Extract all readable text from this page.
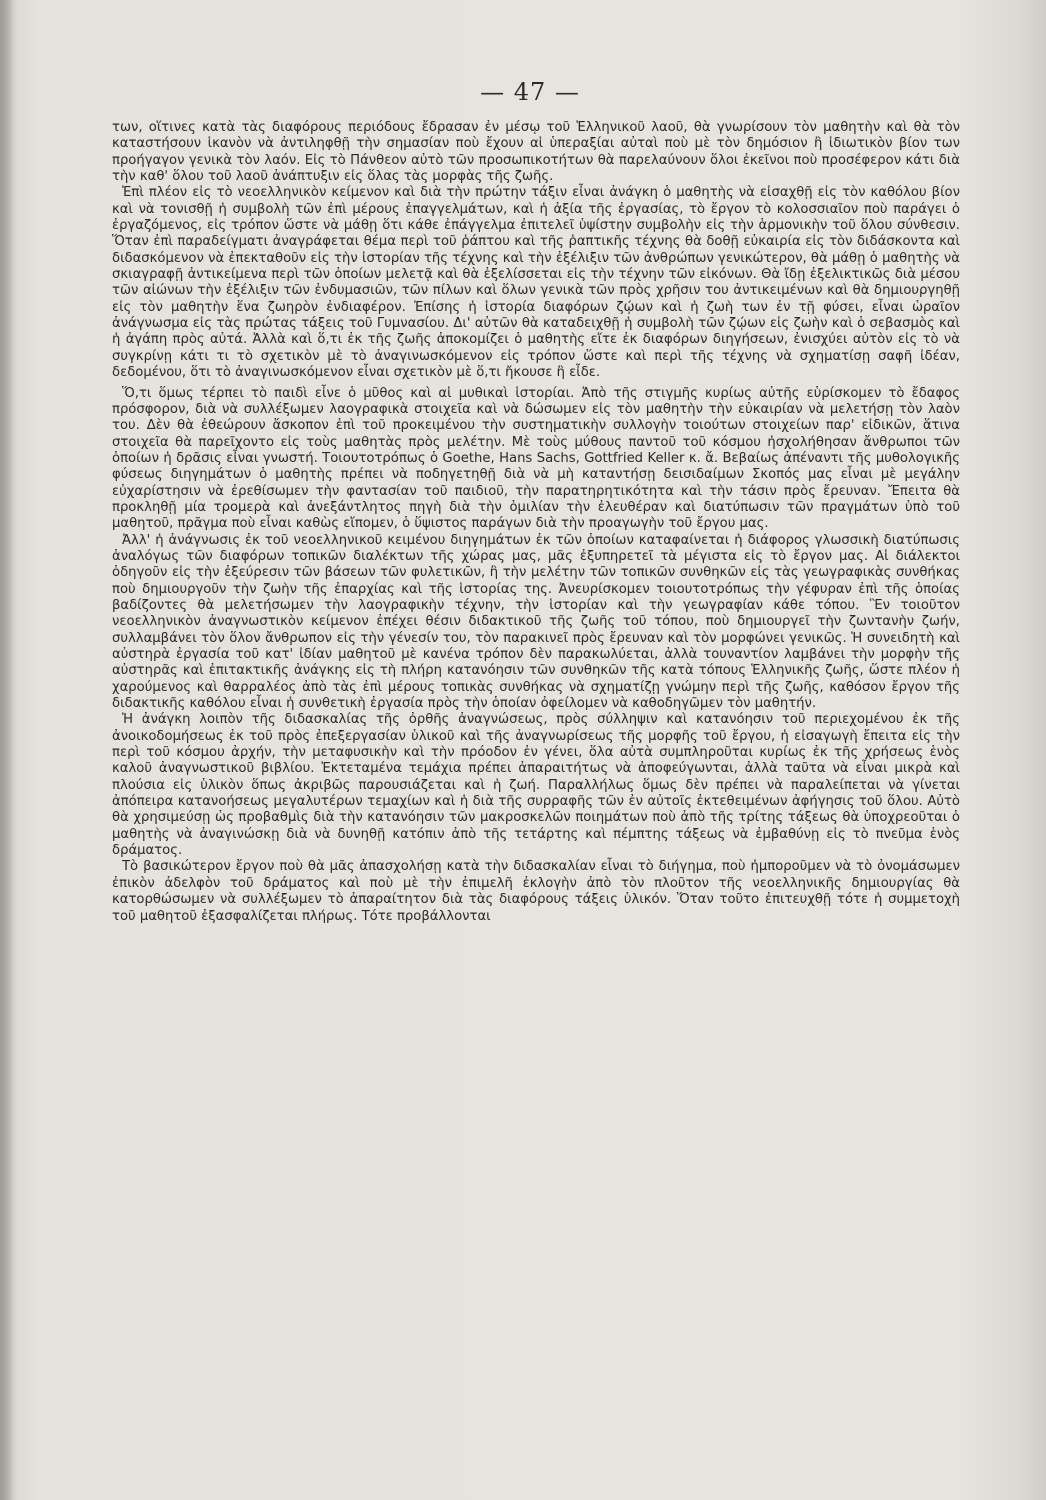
— 47 —

των, οἵτινες κατὰ τὰς διαφόρους περιόδους ἔδρασαν ἐν μέσῳ τοῦ Ἑλληνικοῦ λαοῦ, θὰ γνωρίσουν τὸν μαθητὴν καὶ θὰ τὸν καταστήσουν ἱκανὸν νὰ ἀντιληφθῇ τὴν σημασίαν ποὺ ἔχουν αἱ ὑπεραξίαι αὐταὶ ποὺ μὲ τὸν δημόσιον ἢ ἰδιωτικὸν βίον των προήγαγον γενικὰ τὸν λαόν. Εἰς τὸ Πάνθεον αὐτὸ τῶν προσωπικοτήτων θὰ παρελαύνουν ὅλοι ἐκεῖνοι ποὺ προσέφερον κάτι διὰ τὴν καθ' ὅλου τοῦ λαοῦ ἀνάπτυξιν εἰς ὅλας τὰς μορφὰς τῆς ζωῆς.

Ἐπὶ πλέον εἰς τὸ νεοελληνικὸν κείμενον καὶ διὰ τὴν πρώτην τάξιν εἶναι ἀνάγκη ὁ μαθητὴς νὰ εἰσαχθῇ εἰς τὸν καθόλου βίον καὶ νὰ τονισθῇ ἡ συμβολὴ τῶν ἐπὶ μέρους ἐπαγγελμάτων, καὶ ἡ ἀξία τῆς ἐργασίας, τὸ ἔργον τὸ κολοσσιαῖον ποὺ παράγει ὁ ἐργαζόμενος, εἰς τρόπον ὥστε νὰ μάθῃ ὅτι κάθε ἐπάγγελμα ἐπιτελεῖ ὑψίστην συμβολὴν εἰς τὴν ἁρμονικὴν τοῦ ὅλου σύνθεσιν. Ὅταν ἐπὶ παραδείγματι ἀναγράφεται θέμα περὶ τοῦ ῥάπτου καὶ τῆς ῥαπτικῆς τέχνης θὰ δοθῇ εὐκαιρία εἰς τὸν διδάσκοντα καὶ διδασκόμενον νὰ ἐπεκταθοῦν εἰς τὴν ἱστορίαν τῆς τέχνης καὶ τὴν ἐξέλιξιν τῶν ἀνθρώπων γενικώτερον, θὰ μάθῃ ὁ μαθητὴς νὰ σκιαγραφῇ ἀντικείμενα περὶ τῶν ὁποίων μελετᾷ καὶ θὰ ἐξελίσσεται εἰς τὴν τέχνην τῶν εἰκόνων. Θὰ ἴδῃ ἐξελικτικῶς διὰ μέσου τῶν αἰώνων τὴν ἐξέλιξιν τῶν ἐνδυμασιῶν, τῶν πίλων καὶ ὅλων γενικὰ τῶν πρὸς χρῆσιν του ἀντικειμένων καὶ θὰ δημιουργηθῇ εἰς τὸν μαθητὴν ἕνα ζωηρὸν ἐνδιαφέρον. Ἐπίσης ἡ ἱστορία διαφόρων ζῴων καὶ ἡ ζωὴ των ἐν τῇ φύσει, εἶναι ὡραῖον ἀνάγνωσμα εἰς τὰς πρώτας τάξεις τοῦ Γυμνασίου. Δι' αὐτῶν θὰ καταδειχθῇ ἡ συμβολὴ τῶν ζῴων εἰς ζωὴν καὶ ὁ σεβασμὸς καὶ ἡ ἀγάπη πρὸς αὐτά. Ἀλλὰ καὶ ὅ,τι ἐκ τῆς ζωῆς ἀποκομίζει ὁ μαθητὴς εἴτε ἐκ διαφόρων διηγήσεων, ἐνισχύει αὐτὸν εἰς τὸ νὰ συγκρίνῃ κάτι τι τὸ σχετικὸν μὲ τὸ ἀναγινωσκόμενον εἰς τρόπον ὥστε καὶ περὶ τῆς τέχνης νὰ σχηματίσῃ σαφῆ ἰδέαν, δεδομένου, ὅτι τὸ ἀναγινωσκόμενον εἶναι σχετικὸν μὲ ὅ,τι ἤκουσε ἢ εἶδε.

Ὅ,τι ὅμως τέρπει τὸ παιδὶ εἶνε ὁ μῦθος καὶ αἱ μυθικαὶ ἱστορίαι. Ἀπὸ τῆς στιγμῆς κυρίως αὐτῆς εὑρίσκομεν τὸ ἔδαφος πρόσφορον, διὰ νὰ συλλέξωμεν λαογραφικὰ στοιχεῖα καὶ νὰ δώσωμεν εἰς τὸν μαθητὴν τὴν εὐκαιρίαν νὰ μελετήσῃ τὸν λαὸν του. Δὲν θὰ ἐθεώρουν ἄσκοπον ἐπὶ τοῦ προκειμένου τὴν συστηματικὴν συλλογὴν τοιούτων στοιχείων παρ' εἰδικῶν, ἅτινα στοιχεῖα θὰ παρεῖχοντο εἰς τοὺς μαθητὰς πρὸς μελέτην. Μὲ τοὺς μύθους παντοῦ τοῦ κόσμου ἠσχολήθησαν ἄνθρωποι τῶν ὁποίων ἡ δρᾶσις εἶναι γνωστή. Τοιουτοτρόπως ὁ Goethe, Hans Sachs, Gottfried Keller κ. ἄ. Βεβαίως ἀπέναντι τῆς μυθολογικῆς φύσεως διηγημάτων ὁ μαθητὴς πρέπει νὰ ποδηγετηθῇ διὰ νὰ μὴ καταντήσῃ δεισιδαίμων Σκοπός μας εἶναι μὲ μεγάλην εὐχαρίστησιν νὰ ἐρεθίσωμεν τὴν φαντασίαν τοῦ παιδιοῦ, τὴν παρατηρητικότητα καὶ τὴν τάσιν πρὸς ἔρευναν. Ἔπειτα θὰ προκληθῇ μία τρομερὰ καὶ ἀνεξάντλητος πηγὴ διὰ τὴν ὁμιλίαν τὴν ἐλευθέραν καὶ διατύπωσιν τῶν πραγμάτων ὑπὸ τοῦ μαθητοῦ, πρᾶγμα ποὺ εἶναι καθὼς εἴπομεν, ὁ ὕψιστος παράγων διὰ τὴν προαγωγὴν τοῦ ἔργου μας.

Ἀλλ' ἡ ἀνάγνωσις ἐκ τοῦ νεοελληνικοῦ κειμένου διηγημάτων ἐκ τῶν ὁποίων καταφαίνεται ἡ διάφορος γλωσσικὴ διατύπωσις ἀναλόγως τῶν διαφόρων τοπικῶν διαλέκτων τῆς χώρας μας, μᾶς ἐξυπηρετεῖ τὰ μέγιστα εἰς τὸ ἔργον μας. Αἱ διάλεκτοι ὁδηγοῦν εἰς τὴν ἐξεύρεσιν τῶν βάσεων τῶν φυλετικῶν, ἢ τὴν μελέτην τῶν τοπικῶν συνθηκῶν εἰς τὰς γεωγραφικὰς συνθήκας ποὺ δημιουργοῦν τὴν ζωὴν τῆς ἐπαρχίας καὶ τῆς ἱστορίας της. Ἀνευρίσκομεν τοιουτοτρόπως τὴν γέφυραν ἐπὶ τῆς ὁποίας βαδίζοντες θὰ μελετήσωμεν τὴν λαογραφικὴν τέχνην, τὴν ἱστορίαν καὶ τὴν γεωγραφίαν κάθε τόπου. Ἓν τοιοῦτον νεοελληνικὸν ἀναγνωστικὸν κείμενον ἐπέχει θέσιν διδακτικοῦ τῆς ζωῆς τοῦ τόπου, ποὺ δημιουργεῖ τὴν ζωντανὴν ζωήν, συλλαμβάνει τὸν ὅλον ἄνθρωπον εἰς τὴν γένεσίν του, τὸν παρακινεῖ πρὸς ἔρευναν καὶ τὸν μορφώνει γενικῶς. Ἡ συνειδητὴ καὶ αὐστηρὰ ἐργασία τοῦ κατ' ἰδίαν μαθητοῦ μὲ κανένα τρόπον δὲν παρακωλύεται, ἀλλὰ τουναντίον λαμβάνει τὴν μορφὴν τῆς αὐστηρᾶς καὶ ἐπιτακτικῆς ἀνάγκης εἰς τὴ πλήρη κατανόησιν τῶν συνθηκῶν τῆς κατὰ τόπους Ἑλληνικῆς ζωῆς, ὥστε πλέον ἡ χαρούμενος καὶ θαρραλέος ἀπὸ τὰς ἐπὶ μέρους τοπικὰς συνθήκας νὰ σχηματίζῃ γνώμην περὶ τῆς ζωῆς, καθόσον ἔργον τῆς διδακτικῆς καθόλου εἶναι ἡ συνθετικὴ ἐργασία πρὸς τὴν ὁποίαν ὀφείλομεν νὰ καθοδηγῶμεν τὸν μαθητήν.

Ἡ ἀνάγκη λοιπὸν τῆς διδασκαλίας τῆς ὀρθῆς ἀναγνώσεως, πρὸς σύλληψιν καὶ κατανόησιν τοῦ περιεχομένου ἐκ τῆς ἀνοικοδομήσεως ἐκ τοῦ πρὸς ἐπεξεργασίαν ὑλικοῦ καὶ τῆς ἀναγνωρίσεως τῆς μορφῆς τοῦ ἔργου, ἡ εἰσαγωγὴ ἔπειτα εἰς τὴν περὶ τοῦ κόσμου ἀρχήν, τὴν μεταφυσικὴν καὶ τὴν πρόοδον ἐν γένει, ὅλα αὐτὰ συμπληροῦται κυρίως ἐκ τῆς χρήσεως ἑνὸς καλοῦ ἀναγνωστικοῦ βιβλίου. Ἐκτεταμένα τεμάχια πρέπει ἀπαραιτήτως νὰ ἀποφεύγωνται, ἀλλὰ ταῦτα νὰ εἶναι μικρὰ καὶ πλούσια εἰς ὑλικὸν ὅπως ἀκριβῶς παρουσιάζεται καὶ ἡ ζωή. Παραλλήλως ὅμως δὲν πρέπει νὰ παραλείπεται νὰ γίνεται ἀπόπειρα κατανοήσεως μεγαλυτέρων τεμαχίων καὶ ἡ διὰ τῆς συρραφῆς τῶν ἐν αὐτοῖς ἐκτεθειμένων ἀφήγησις τοῦ ὅλου. Αὐτὸ θὰ χρησιμεύσῃ ὡς προβαθμὶς διὰ τὴν κατανόησιν τῶν μακροσκελῶν ποιημάτων ποὺ ἀπὸ τῆς τρίτης τάξεως θὰ ὑποχρεοῦται ὁ μαθητὴς νὰ ἀναγινώσκῃ διὰ νὰ δυνηθῇ κατόπιν ἀπὸ τῆς τετάρτης καὶ πέμπτης τάξεως νὰ ἐμβαθύνῃ εἰς τὸ πνεῦμα ἑνὸς δράματος.

Τὸ βασικώτερον ἔργον ποὺ θὰ μᾶς ἀπασχολήσῃ κατὰ τὴν διδασκαλίαν εἶναι τὸ διήγημα, ποὺ ἠμποροῦμεν νὰ τὸ ὀνομάσωμεν ἐπικὸν ἀδελφὸν τοῦ δράματος καὶ ποὺ μὲ τὴν ἐπιμελῆ ἐκλογὴν ἀπὸ τὸν πλοῦτον τῆς νεοελληνικῆς δημιουργίας θὰ κατορθώσωμεν νὰ συλλέξωμεν τὸ ἀπαραίτητον διὰ τὰς διαφόρους τάξεις ὑλικόν. Ὅταν τοῦτο ἐπιτευχθῇ τότε ἡ συμμετοχὴ τοῦ μαθητοῦ ἐξασφαλίζεται πλήρως. Τότε προβάλλονται
